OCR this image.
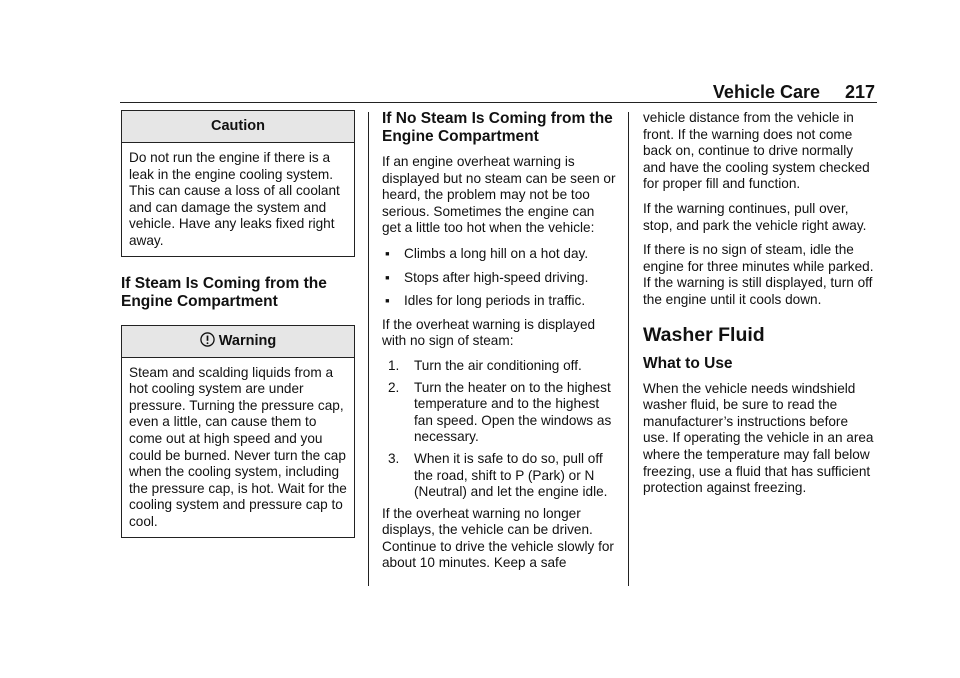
Vehicle Care 217
Caution

Do not run the engine if there is a leak in the engine cooling system. This can cause a loss of all coolant and can damage the system and vehicle. Have any leaks fixed right away.

If Steam Is Coming from the Engine Compartment
Warning

Steam and scalding liquids from a hot cooling system are under pressure. Turning the pressure cap, even a little, can cause them to come out at high speed and you could be burned. Never turn the cap when the cooling system, including the pressure cap, is hot. Wait for the cooling system and pressure cap to cool.

If No Steam Is Coming from the Engine Compartment

If an engine overheat warning is displayed but no steam can be seen or heard, the problem may not be too serious. Sometimes the engine can get a little too hot when the vehicle:

▪ Climbs a long hill on a hot day.

▪ Stops after high-speed driving.

▪ Idles for long periods in traffic.

If the overheat warning is displayed with no sign of steam:

1. Turn the air conditioning off.

2. Turn the heater on to the highest temperature and to the highest fan speed. Open the windows as necessary.

3. When it is safe to do so, pull off the road, shift to P (Park) or N (Neutral) and let the engine idle.

If the overheat warning no longer displays, the vehicle can be driven. Continue to drive the vehicle slowly for about 10 minutes. Keep a safe

vehicle distance from the vehicle in front. If the warning does not come back on, continue to drive normally and have the cooling system checked for proper fill and function.

If the warning continues, pull over, stop, and park the vehicle right away.

If there is no sign of steam, idle the engine for three minutes while parked. If the warning is still displayed, turn off the engine until it cools down.

Washer Fluid
What to Use

When the vehicle needs windshield washer fluid, be sure to read the manufacturer’s instructions before use. If operating the vehicle in an area where the temperature may fall below freezing, use a fluid that has sufficient protection against freezing.
